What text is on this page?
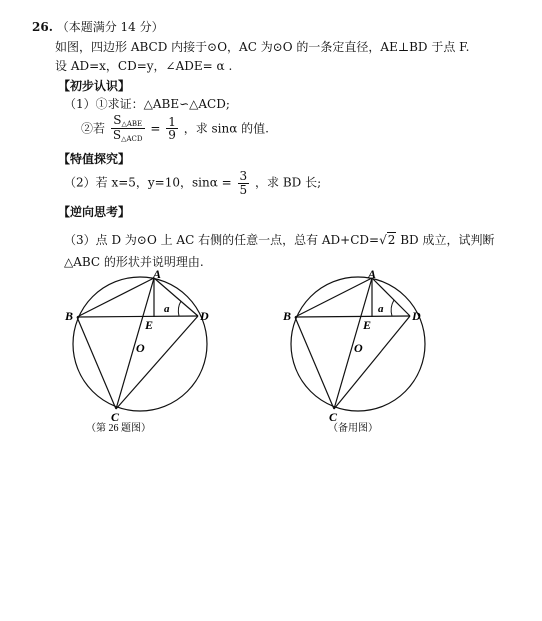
26. （本题满分 14 分）
如图，四边形 ABCD 内接于⊙O，AC 为⊙O 的一条定直径，AE⊥BD 于点 F.
设 AD=x，CD=y，∠ADE= α .
【初步认识】
（1）①求证：△ABE∽△ACD;
②若 $\frac{S_{\triangle ABE}}{S_{\triangle ACD}} = \frac{1}{9}$ ，求 sinα 的值.
【特值探究】
（2）若 x=5，y=10，$\sin\alpha = \frac{3}{5}$ ，求 BD 长;
【逆向思考】
（3）点 D 为⊙O 上 AC 右侧的任意一点，总有 AD+CD=√2 BD 成立，试判断
△ABC 的形状并说明理由.
A
B
C
D
E
O
a
（第 26 题图）
A
B
C
D
E
O
a
（备用图）
